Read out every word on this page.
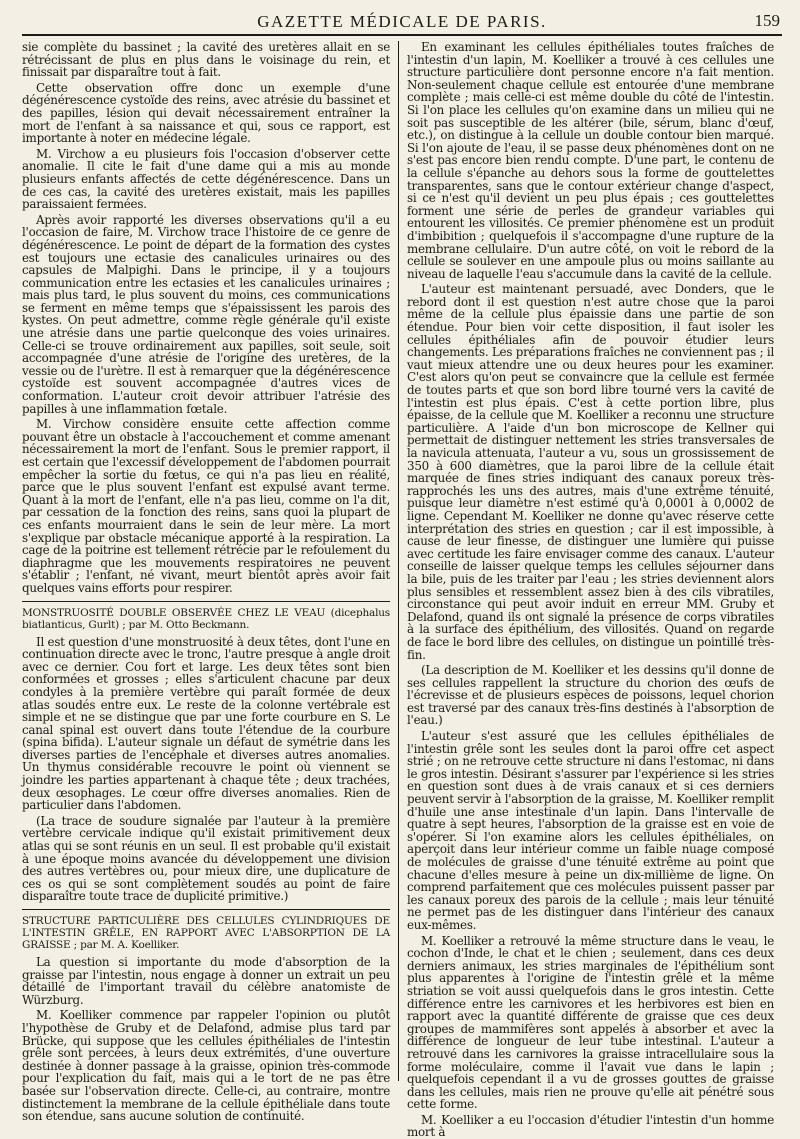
GAZETTE MÉDICALE DE PARIS.	159

sie complète du bassinet ; la cavité des uretères allait en se rétrécissant de plus en plus dans le voisinage du rein, et finissait par disparaître tout à fait.

Cette observation offre donc un exemple d'une dégénérescence cystoïde des reins, avec atrésie du bassinet et des papilles, lésion qui devait nécessairement entraîner la mort de l'enfant à sa naissance et qui, sous ce rapport, est importante à noter en médecine légale.

M. Virchow a eu plusieurs fois l'occasion d'observer cette anomalie. Il cite le fait d'une dame qui a mis au monde plusieurs enfants affectés de cette dégénérescence. Dans un de ces cas, la cavité des uretères existait, mais les papilles paraissaient fermées.

Après avoir rapporté les diverses observations qu'il a eu l'occasion de faire, M. Virchow trace l'histoire de ce genre de dégénérescence. Le point de départ de la formation des cystes est toujours une ectasie des canalicules urinaires ou des capsules de Malpighi. Dans le principe, il y a toujours communication entre les ectasies et les canalicules urinaires ; mais plus tard, le plus souvent du moins, ces communications se ferment en même temps que s'épaississent les parois des kystes. On peut admettre, comme règle générale qu'il existe une atrésie dans une partie quelconque des voies urinaires. Celle-ci se trouve ordinairement aux papilles, soit seule, soit accompagnée d'une atrésie de l'origine des uretères, de la vessie ou de l'urètre. Il est à remarquer que la dégénérescence cystoïde est souvent accompagnée d'autres vices de conformation. L'auteur croit devoir attribuer l'atrésie des papilles à une inflammation fœtale.

M. Virchow considère ensuite cette affection comme pouvant être un obstacle à l'accouchement et comme amenant nécessairement la mort de l'enfant. Sous le premier rapport, il est certain que l'excessif développement de l'abdomen pourrait empêcher la sortie du fœtus, ce qui n'a pas lieu en réalité, parce que le plus souvent l'enfant est expulsé avant terme. Quant à la mort de l'enfant, elle n'a pas lieu, comme on l'a dit, par cessation de la fonction des reins, sans quoi la plupart de ces enfants mourraient dans le sein de leur mère. La mort s'explique par obstacle mécanique apporté à la respiration. La cage de la poitrine est tellement rétrécie par le refoulement du diaphragme que les mouvements respiratoires ne peuvent s'établir ; l'enfant, né vivant, meurt bientôt après avoir fait quelques vains efforts pour respirer.

MONSTRUOSITÉ DOUBLE OBSERVÉE CHEZ LE VEAU (dicephalus biatlanticus, Gurlt) ; par M. Otto Beckmann.

Il est question d'une monstruosité à deux têtes, dont l'une en continuation directe avec le tronc, l'autre presque à angle droit avec ce dernier. Cou fort et large. Les deux têtes sont bien conformées et grosses ; elles s'articulent chacune par deux condyles à la première vertèbre qui paraît formée de deux atlas soudés entre eux. Le reste de la colonne vertébrale est simple et ne se distingue que par une forte courbure en S. Le canal spinal est ouvert dans toute l'étendue de la courbure (spina bifida). L'auteur signale un défaut de symétrie dans les diverses parties de l'encéphale et diverses autres anomalies. Un thymus considérable recouvre le point où viennent se joindre les parties appartenant à chaque tête ; deux trachées, deux œsophages. Le cœur offre diverses anomalies. Rien de particulier dans l'abdomen.

(La trace de soudure signalée par l'auteur à la première vertèbre cervicale indique qu'il existait primitivement deux atlas qui se sont réunis en un seul. Il est probable qu'il existait à une époque moins avancée du développement une division des autres vertèbres ou, pour mieux dire, une duplicature de ces os qui se sont complètement soudés au point de faire disparaître toute trace de duplicité primitive.)

STRUCTURE PARTICULIÈRE DES CELLULES CYLINDRIQUES DE L'INTESTIN GRÊLE, EN RAPPORT AVEC L'ABSORPTION DE LA GRAISSE ; par M. A. Koelliker.

La question si importante du mode d'absorption de la graisse par l'intestin, nous engage à donner un extrait un peu détaillé de l'important travail du célèbre anatomiste de Würzburg.

M. Koelliker commence par rappeler l'opinion ou plutôt l'hypothèse de Gruby et de Delafond, admise plus tard par Brücke, qui suppose que les cellules épithéliales de l'intestin grêle sont percées, à leurs deux extrémités, d'une ouverture destinée à donner passage à la graisse, opinion très-commode pour l'explication du fait, mais qui a le tort de ne pas être basée sur l'observation directe. Celle-ci, au contraire, montre distinctement la membrane de la cellule épithéliale dans toute son étendue, sans aucune solution de continuité.

En examinant les cellules épithéliales toutes fraîches de l'intestin d'un lapin, M. Koelliker a trouvé à ces cellules une structure particulière dont personne encore n'a fait mention. Non-seulement chaque cellule est entourée d'une membrane complète ; mais celle-ci est même double du côté de l'intestin. Si l'on place les cellules qu'on examine dans un milieu qui ne soit pas susceptible de les altérer (bile, sérum, blanc d'œuf, etc.), on distingue à la cellule un double contour bien marqué. Si l'on ajoute de l'eau, il se passe deux phénomènes dont on ne s'est pas encore bien rendu compte. D'une part, le contenu de la cellule s'épanche au dehors sous la forme de gouttelettes transparentes, sans que le contour extérieur change d'aspect, si ce n'est qu'il devient un peu plus épais ; ces gouttelettes forment une série de perles de grandeur variables qui entourent les villosités. Ce premier phénomène est un produit d'imbibition ; quelquefois il s'accompagne d'une rupture de la membrane cellulaire. D'un autre côté, on voit le rebord de la cellule se soulever en une ampoule plus ou moins saillante au niveau de laquelle l'eau s'accumule dans la cavité de la cellule.

L'auteur est maintenant persuadé, avec Donders, que le rebord dont il est question n'est autre chose que la paroi même de la cellule plus épaissie dans une partie de son étendue. Pour bien voir cette disposition, il faut isoler les cellules épithéliales afin de pouvoir étudier leurs changements. Les préparations fraîches ne conviennent pas ; il vaut mieux attendre une ou deux heures pour les examiner. C'est alors qu'on peut se convaincre que la cellule est fermée de toutes parts et que son bord libre tourné vers la cavité de l'intestin est plus épais. C'est à cette portion libre, plus épaisse, de la cellule que M. Koelliker a reconnu une structure particulière. A l'aide d'un bon microscope de Kellner qui permettait de distinguer nettement les stries transversales de la navicula attenuata, l'auteur a vu, sous un grossissement de 350 à 600 diamètres, que la paroi libre de la cellule était marquée de fines stries indiquant des canaux poreux très-rapprochés les uns des autres, mais d'une extrême ténuité, puisque leur diamètre n'est estimé qu'à 0,0001 à 0,0002 de ligne. Cependant M. Koelliker ne donne qu'avec réserve cette interprétation des stries en question ; car il est impossible, à cause de leur finesse, de distinguer une lumière qui puisse avec certitude les faire envisager comme des canaux. L'auteur conseille de laisser quelque temps les cellules séjourner dans la bile, puis de les traiter par l'eau ; les stries deviennent alors plus sensibles et ressemblent assez bien à des cils vibratiles, circonstance qui peut avoir induit en erreur MM. Gruby et Delafond, quand ils ont signalé la présence de corps vibratiles à la surface des épithélium, des villosités. Quand on regarde de face le bord libre des cellules, on distingue un pointillé très-fin.

(La description de M. Koelliker et les dessins qu'il donne de ses cellules rappellent la structure du chorion des œufs de l'écrevisse et de plusieurs espèces de poissons, lequel chorion est traversé par des canaux très-fins destinés à l'absorption de l'eau.)

L'auteur s'est assuré que les cellules épithéliales de l'intestin grêle sont les seules dont la paroi offre cet aspect strié ; on ne retrouve cette structure ni dans l'estomac, ni dans le gros intestin. Désirant s'assurer par l'expérience si les stries en question sont dues à de vrais canaux et si ces derniers peuvent servir à l'absorption de la graisse, M. Koelliker remplit d'huile une anse intestinale d'un lapin. Dans l'intervalle de quatre à sept heures, l'absorption de la graisse est en voie de s'opérer. Si l'on examine alors les cellules épithéliales, on aperçoit dans leur intérieur comme un faible nuage composé de molécules de graisse d'une ténuité extrême au point que chacune d'elles mesure à peine un dix-millième de ligne. On comprend parfaitement que ces molécules puissent passer par les canaux poreux des parois de la cellule ; mais leur ténuité ne permet pas de les distinguer dans l'intérieur des canaux eux-mêmes.

M. Koelliker a retrouvé la même structure dans le veau, le cochon d'Inde, le chat et le chien ; seulement, dans ces deux derniers animaux, les stries marginales de l'épithélium sont plus apparentes à l'origine de l'intestin grêle et la même striation se voit aussi quelquefois dans le gros intestin. Cette différence entre les carnivores et les herbivores est bien en rapport avec la quantité différente de graisse que ces deux groupes de mammifères sont appelés à absorber et avec la différence de longueur de leur tube intestinal. L'auteur a retrouvé dans les carnivores la graisse intracellulaire sous la forme moléculaire, comme il l'avait vue dans le lapin ; quelquefois cependant il a vu de grosses gouttes de graisse dans les cellules, mais rien ne prouve qu'elle ait pénétré sous cette forme.

M. Koelliker a eu l'occasion d'étudier l'intestin d'un homme mort à
